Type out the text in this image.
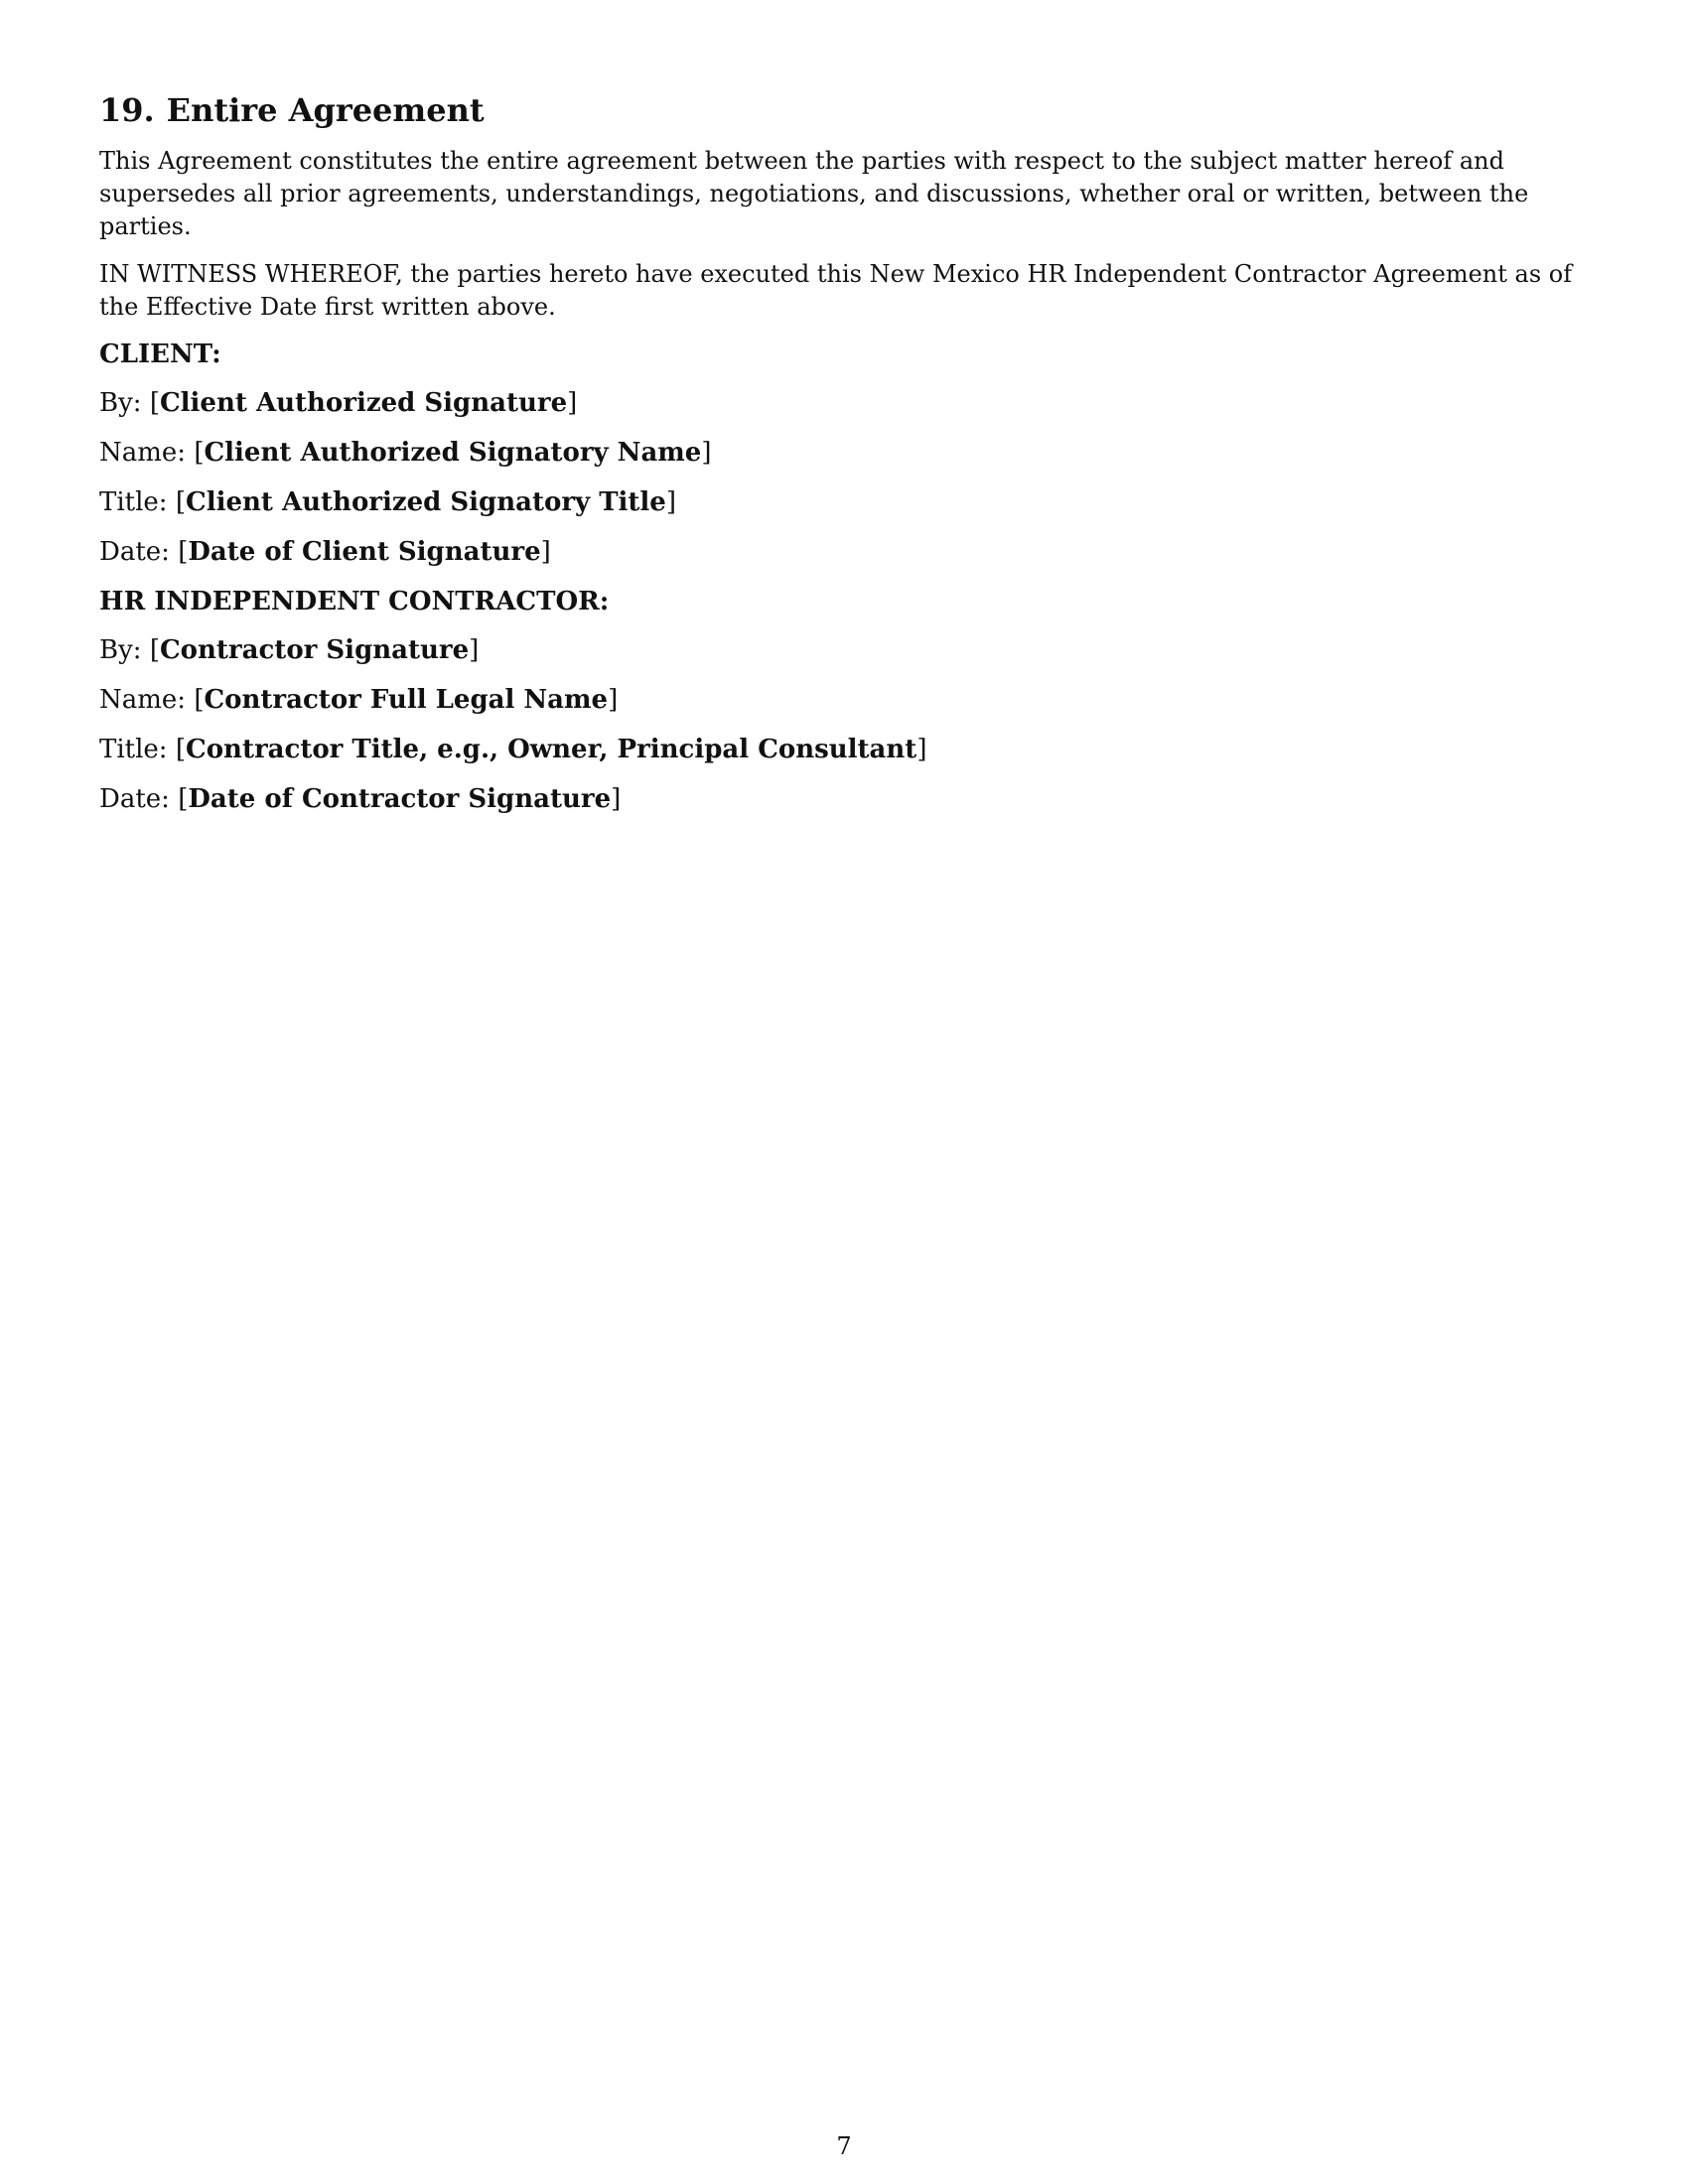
19. Entire Agreement

This Agreement constitutes the entire agreement between the parties with respect to the subject matter hereof and supersedes all prior agreements, understandings, negotiations, and discussions, whether oral or written, between the parties.

IN WITNESS WHEREOF, the parties hereto have executed this New Mexico HR Independent Contractor Agreement as of the Effective Date first written above.

CLIENT:
By: [Client Authorized Signature]
Name: [Client Authorized Signatory Name]
Title: [Client Authorized Signatory Title]
Date: [Date of Client Signature]
HR INDEPENDENT CONTRACTOR:
By: [Contractor Signature]
Name: [Contractor Full Legal Name]
Title: [Contractor Title, e.g., Owner, Principal Consultant]
Date: [Date of Contractor Signature]
7
